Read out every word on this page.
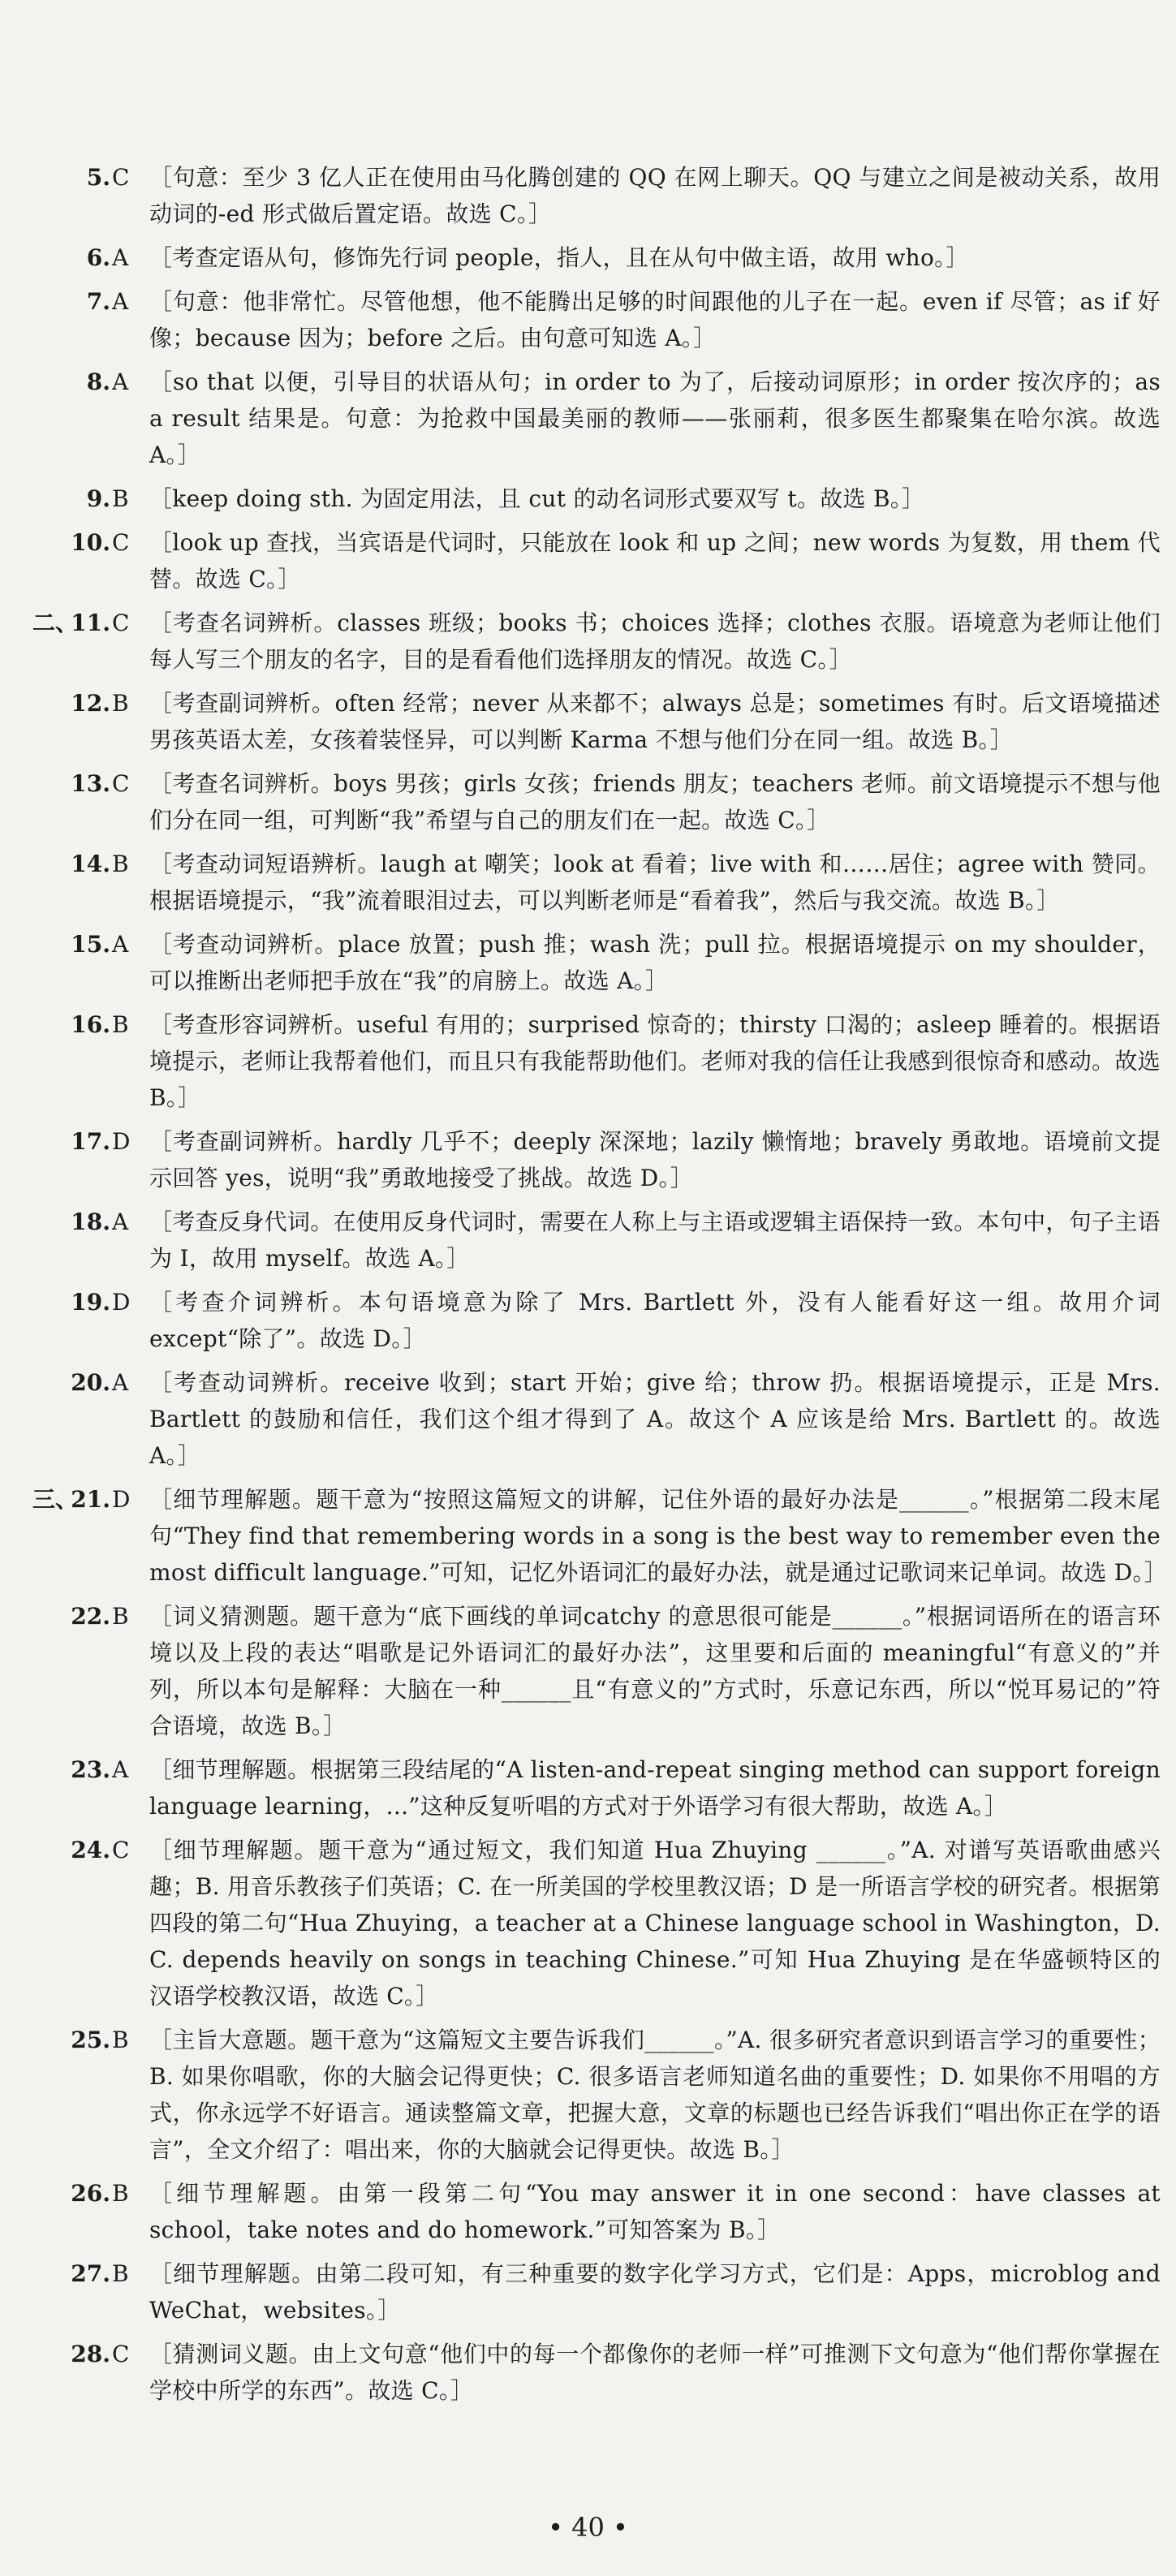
5. C ［句意：至少 3 亿人正在使用由马化腾创建的 QQ 在网上聊天。QQ 与建立之间是被动关系，故用动词的-ed 形式做后置定语。故选 C。］
6. A ［考查定语从句，修饰先行词 people，指人，且在从句中做主语，故用 who。］
7. A ［句意：他非常忙。尽管他想，他不能腾出足够的时间跟他的儿子在一起。even if 尽管；as if 好像；because 因为；before 之后。由句意可知选 A。］
8. A ［so that 以便，引导目的状语从句；in order to 为了，后接动词原形；in order 按次序的；as a result 结果是。句意：为抢救中国最美丽的教师——张丽莉，很多医生都聚集在哈尔滨。故选 A。］
9. B ［keep doing sth. 为固定用法，且 cut 的动名词形式要双写 t。故选 B。］
10. C ［look up 查找，当宾语是代词时，只能放在 look 和 up 之间；new words 为复数，用 them 代替。故选 C。］
二、
11. C ［考查名词辨析。classes 班级；books 书；choices 选择；clothes 衣服。语境意为老师让他们每人写三个朋友的名字，目的是看看他们选择朋友的情况。故选 C。］
12. B ［考查副词辨析。often 经常；never 从来都不；always 总是；sometimes 有时。后文语境描述男孩英语太差，女孩着装怪异，可以判断 Karma 不想与他们分在同一组。故选 B。］
13. C ［考查名词辨析。boys 男孩；girls 女孩；friends 朋友；teachers 老师。前文语境提示不想与他们分在同一组，可判断“我”希望与自己的朋友们在一起。故选 C。］
14. B ［考查动词短语辨析。laugh at 嘲笑；look at 看着；live with 和……居住；agree with 赞同。根据语境提示，“我”流着眼泪过去，可以判断老师是“看着我”，然后与我交流。故选 B。］
15. A ［考查动词辨析。place 放置；push 推；wash 洗；pull 拉。根据语境提示 on my shoulder，可以推断出老师把手放在“我”的肩膀上。故选 A。］
16. B ［考查形容词辨析。useful 有用的；surprised 惊奇的；thirsty 口渴的；asleep 睡着的。根据语境提示，老师让我帮着他们，而且只有我能帮助他们。老师对我的信任让我感到很惊奇和感动。故选 B。］
17. D ［考查副词辨析。hardly 几乎不；deeply 深深地；lazily 懒惰地；bravely 勇敢地。语境前文提示回答 yes，说明“我”勇敢地接受了挑战。故选 D。］
18. A ［考查反身代词。在使用反身代词时，需要在人称上与主语或逻辑主语保持一致。本句中，句子主语为 I，故用 myself。故选 A。］
19. D ［考查介词辨析。本句语境意为除了 Mrs. Bartlett 外，没有人能看好这一组。故用介词 except“除了”。故选 D。］
20. A ［考查动词辨析。receive 收到；start 开始；give 给；throw 扔。根据语境提示，正是 Mrs. Bartlett 的鼓励和信任，我们这个组才得到了 A。故这个 A 应该是给 Mrs. Bartlett 的。故选 A。］
三、
21. D ［细节理解题。题干意为“按照这篇短文的讲解，记住外语的最好办法是______。”根据第二段末尾句“They find that remembering words in a song is the best way to remember even the most difficult language.”可知，记忆外语词汇的最好办法，就是通过记歌词来记单词。故选 D。］
22. B ［词义猜测题。题干意为“底下画线的单词catchy 的意思很可能是______。”根据词语所在的语言环境以及上段的表达“唱歌是记外语词汇的最好办法”，这里要和后面的 meaningful“有意义的”并列，所以本句是解释：大脑在一种______且“有意义的”方式时，乐意记东西，所以“悦耳易记的”符合语境，故选 B。］
23. A ［细节理解题。根据第三段结尾的“A listen-and-repeat singing method can support foreign language learning，...”这种反复听唱的方式对于外语学习有很大帮助，故选 A。］
24. C ［细节理解题。题干意为“通过短文，我们知道 Hua Zhuying ______。”A. 对谱写英语歌曲感兴趣；B. 用音乐教孩子们英语；C. 在一所美国的学校里教汉语；D 是一所语言学校的研究者。根据第四段的第二句“Hua Zhuying，a teacher at a Chinese language school in Washington，D. C. depends heavily on songs in teaching Chinese.”可知 Hua Zhuying 是在华盛顿特区的汉语学校教汉语，故选 C。］
25. B ［主旨大意题。题干意为“这篇短文主要告诉我们______。”A. 很多研究者意识到语言学习的重要性；B. 如果你唱歌，你的大脑会记得更快；C. 很多语言老师知道名曲的重要性；D. 如果你不用唱的方式，你永远学不好语言。通读整篇文章，把握大意，文章的标题也已经告诉我们“唱出你正在学的语言”，全文介绍了：唱出来，你的大脑就会记得更快。故选 B。］
26. B ［细节理解题。由第一段第二句“You may answer it in one second：have classes at school，take notes and do homework.”可知答案为 B。］
27. B ［细节理解题。由第二段可知，有三种重要的数字化学习方式，它们是：Apps，microblog and WeChat，websites。］
28. C ［猜测词义题。由上文句意“他们中的每一个都像你的老师一样”可推测下文句意为“他们帮你掌握在学校中所学的东西”。故选 C。］
• 40 •
